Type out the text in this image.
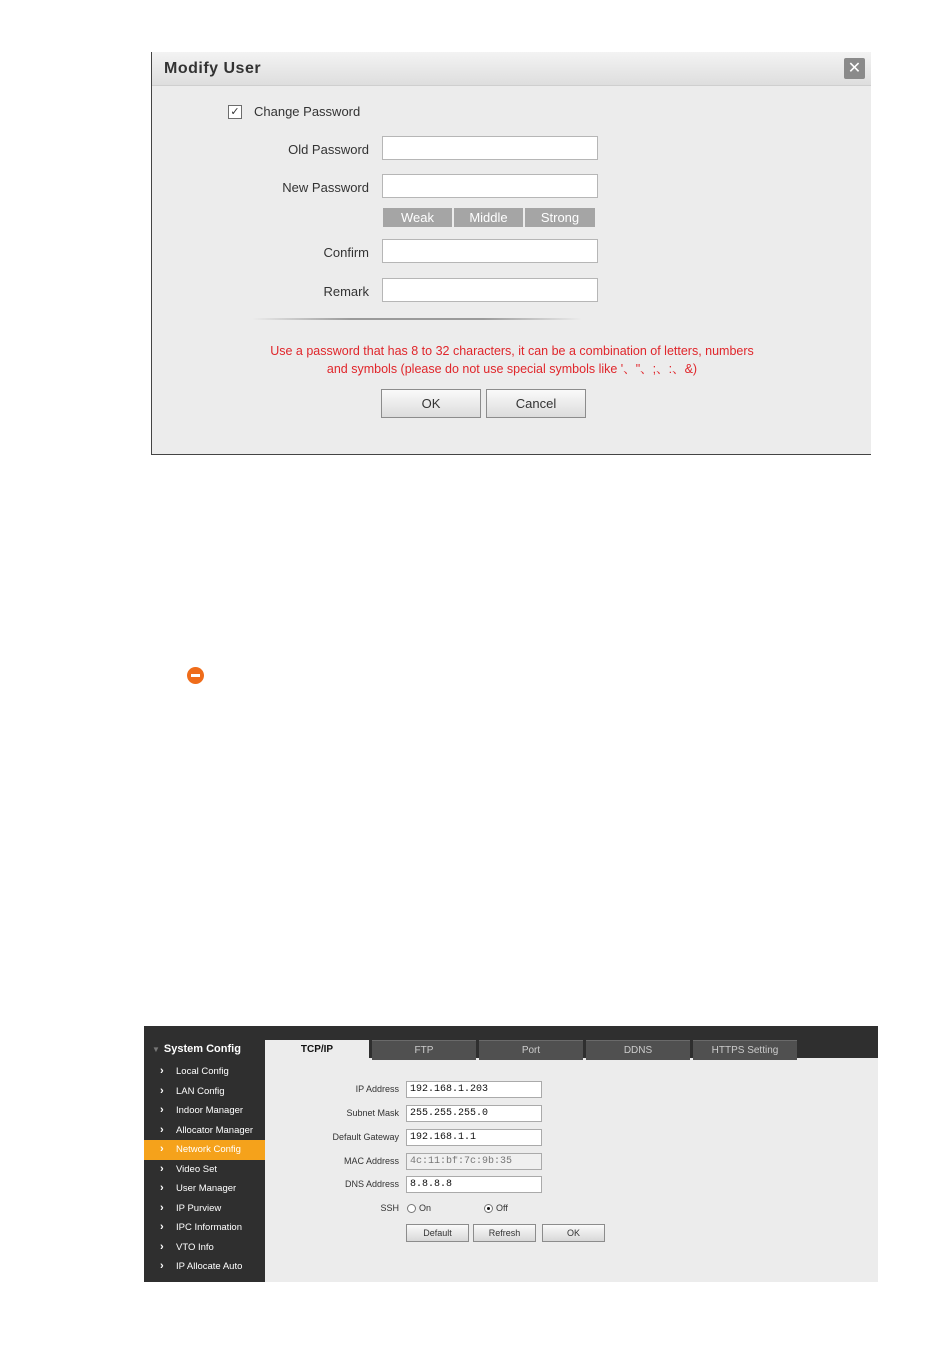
Modify User	✕
✓ Change Password
Old Password
New Password
Weak	Middle	Strong
Confirm
Remark
Use a password that has 8 to 32 characters, it can be a combination of letters, numbers
and symbols (please do not use special symbols like '、"、;、:、&)
OK	Cancel
TCP/IP	FTP	Port	DDNS	HTTPS Setting
▼ System Config
› Local Config
› LAN Config
› Indoor Manager
› Allocator Manager
› Network Config
› Video Set
› User Manager
› IP Purview
› IPC Information
› VTO Info
› IP Allocate Auto
› Publish Information
IP Address
192.168.1.203
Subnet Mask
255.255.255.0
Default Gateway
192.168.1.1
MAC Address
4c:11:bf:7c:9b:35
DNS Address
8.8.8.8
SSH On	Off
Default	Refresh	OK
